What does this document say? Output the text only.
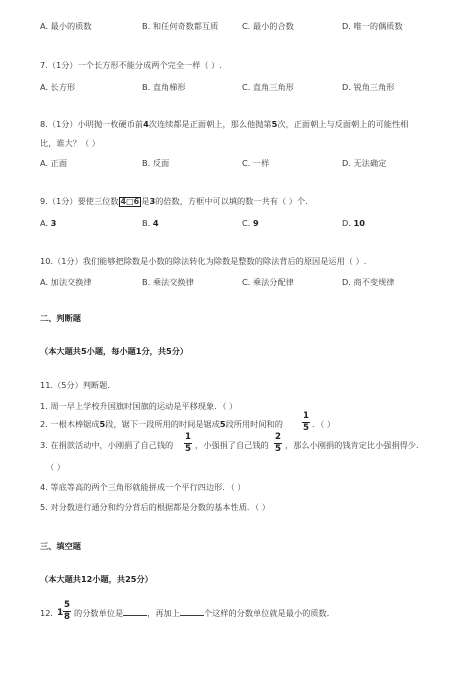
A. 最小的质数	B. 和任何奇数都互质	C. 最小的合数	D. 唯一的偶质数
7.（1分）一个长方形不能分成两个完全一样（ ）.
A. 长方形	B. 直角梯形	C. 直角三角形	D. 锐角三角形
8.（1分）小明抛一枚硬币前4次连续都是正面朝上，那么他抛第5次，正面朝上与反面朝上的可能性相
比，谁大？（ ）
A. 正面	B. 反面	C. 一样	D. 无法确定
9.（1分）要使三位数 4□6 是3的倍数，方框中可以填的数一共有（ ）个.
A. 3	B. 4	C. 9	D. 10
10.（1分）我们能够把除数是小数的除法转化为除数是整数的除法背后的原因是运用（ ）.
A. 加法交换律	B. 乘法交换律	C. 乘法分配律	D. 商不变规律
二、判断题
（本大题共5小题，每小题1分，共5分）
11.（5分）判断题．
1. 周一早上学校升国旗时国旗的运动是平移现象．（ ）
2. 一根木棒锯成5段，锯下一段所用的时间是锯成5段所用时间和的
1
5 ．（ ）
3. 在捐款活动中，小刚捐了自己钱的
1
5 ，小强捐了自己钱的
2
5 ，那么小刚捐的钱肯定比小强捐得少．
（ ）
4. 等底等高的两个三角形就能拼成一个平行四边形．（ ）
5. 对分数进行通分和约分背后的根据都是分数的基本性质．（ ）
三、填空题
（本大题共12小题，共25分）
12. 1
5
8 的分数单位是	，再加上	个这样的分数单位就是最小的质数．
